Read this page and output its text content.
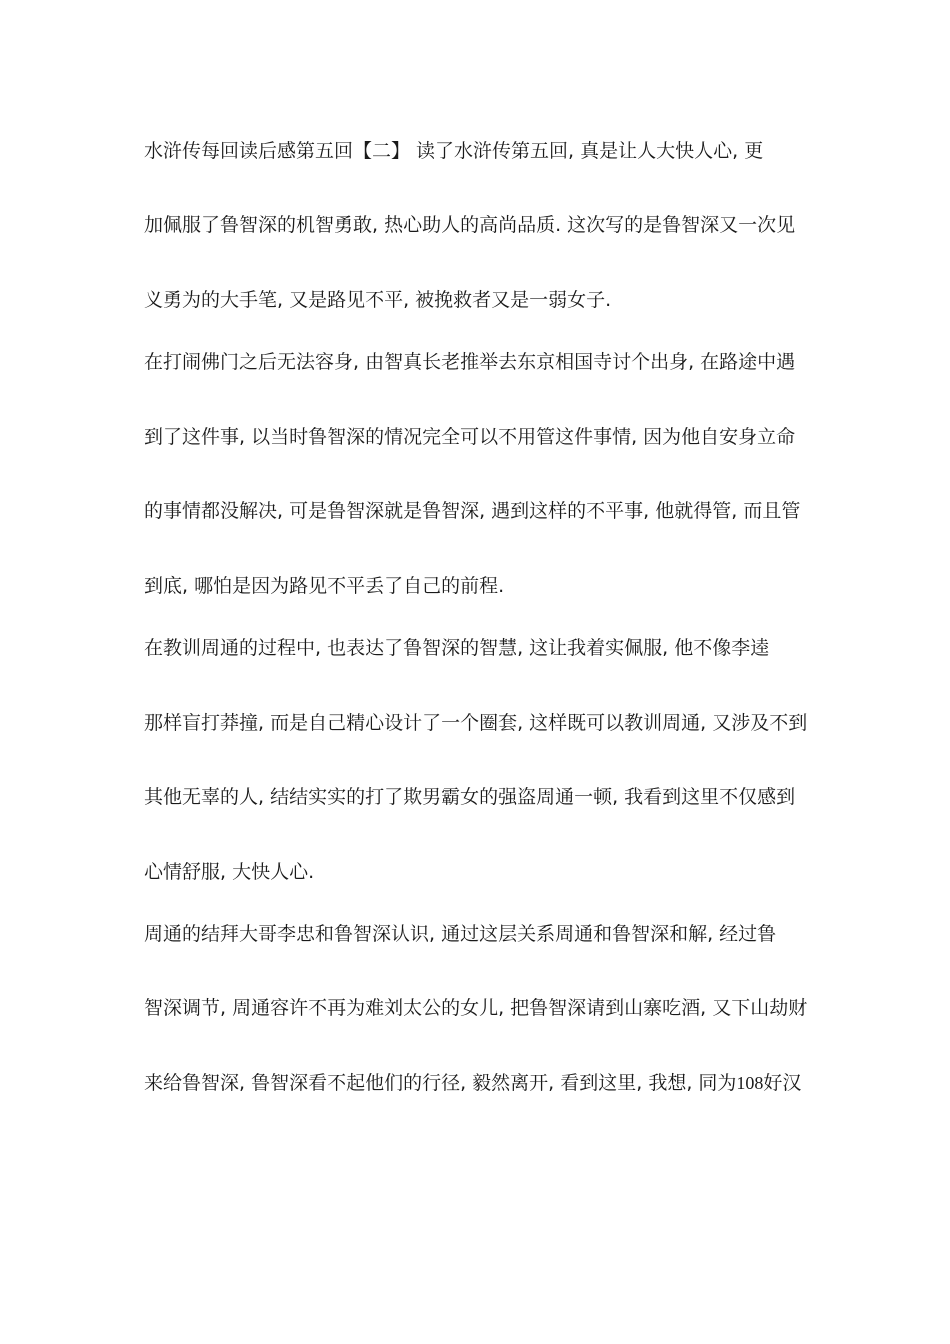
水浒传每回读后感第五回【二】 读了水浒传第五回, 真是让人大快人心, 更
加佩服了鲁智深的机智勇敢, 热心助人的高尚品质. 这次写的是鲁智深又一次见
义勇为的大手笔, 又是路见不平, 被挽救者又是一弱女子.
在打闹佛门之后无法容身, 由智真长老推举去东京相国寺讨个出身, 在路途中遇
到了这件事, 以当时鲁智深的情况完全可以不用管这件事情, 因为他自安身立命
的事情都没解决, 可是鲁智深就是鲁智深, 遇到这样的不平事, 他就得管, 而且管
到底, 哪怕是因为路见不平丢了自己的前程.
在教训周通的过程中, 也表达了鲁智深的智慧, 这让我着实佩服, 他不像李逵
那样盲打莽撞, 而是自己精心设计了一个圈套, 这样既可以教训周通, 又涉及不到
其他无辜的人, 结结实实的打了欺男霸女的强盗周通一顿, 我看到这里不仅感到
心情舒服, 大快人心.
周通的结拜大哥李忠和鲁智深认识, 通过这层关系周通和鲁智深和解, 经过鲁
智深调节, 周通容许不再为难刘太公的女儿, 把鲁智深请到山寨吃酒, 又下山劫财
来给鲁智深, 鲁智深看不起他们的行径, 毅然离开, 看到这里, 我想, 同为108好汉
